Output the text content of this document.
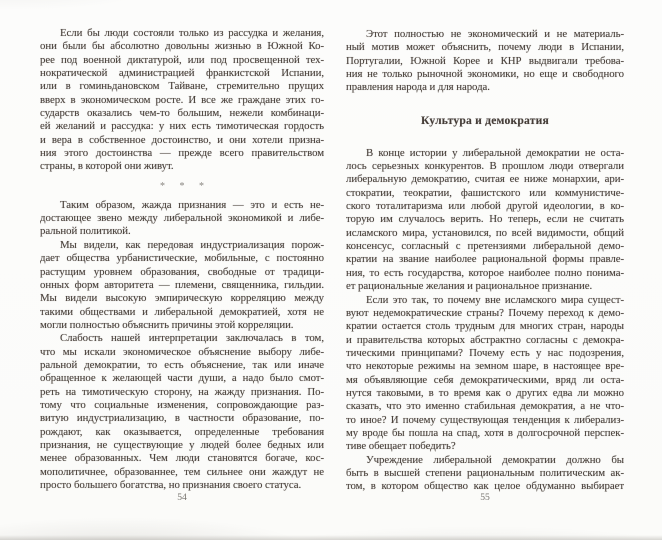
Если бы люди состояли только из рассудка и желания,
они были бы абсолютно довольны жизнью в Южной Ко-
рее под военной диктатурой, или под просвещенной тех-
нократической администрацией франкистской Испании,
или в гоминьдановском Тайване, стремительно прущих
вверх в экономическом росте. И все же граждане этих го-
сударств оказались чем-то большим, нежели комбинаци-
ей желаний и рассудка: у них есть тимотическая гордость
и вера в собственное достоинство, и они хотели призна-
ния этого достоинства — прежде всего правительством
страны, в которой они живут.
* * *
Таким образом, жажда признания — это и есть не-
достающее звено между либеральной экономикой и либе-
ральной политикой.
Мы видели, как передовая индустриализация порож-
дает общества урбанистические, мобильные, с постоянно
растущим уровнем образования, свободные от традици-
онных форм авторитета — племени, священника, гильдии.
Мы видели высокую эмпирическую корреляцию между
такими обществами и либеральной демократией, хотя не
могли полностью объяснить причины этой корреляции.
Слабость нашей интерпретации заключалась в том,
что мы искали экономическое объяснение выбору либе-
ральной демократии, то есть объяснение, так или иначе
обращенное к желающей части души, а надо было смот-
реть на тимотическую сторону, на жажду признания. По-
тому что социальные изменения, сопровождающие раз-
витую индустриализацию, в частности образование, по-
рождают, как оказывается, определенные требования
признания, не существующие у людей более бедных или
менее образованных. Чем люди становятся богаче, кос-
мополитичнее, образованнее, тем сильнее они жаждут не
просто большего богатства, но признания своего статуса.
Этот полностью не экономический и не материаль-
ный мотив может объяснить, почему люди в Испании,
Португалии, Южной Корее и КНР выдвигали требова-
ния не только рыночной экономики, но еще и свободного
правления народа и для народа.
Культура и демократия
В конце истории у либеральной демократии не оста-
лось серьезных конкурентов. В прошлом люди отвергали
либеральную демократию, считая ее ниже монархии, ари-
стократии, теократии, фашистского или коммунистиче-
ского тоталитаризма или любой другой идеологии, в ко-
торую им случалось верить. Но теперь, если не считать
исламского мира, установился, по всей видимости, общий
консенсус, согласный с претензиями либеральной демо-
кратии на звание наиболее рациональной формы правле-
ния, то есть государства, которое наиболее полно понима-
ет рациональные желания и рациональное признание.
Если это так, то почему вне исламского мира сущест-
вуют недемократические страны? Почему переход к демо-
кратии остается столь трудным для многих стран, народы
и правительства которых абстрактно согласны с демокра-
тическими принципами? Почему есть у нас подозрения,
что некоторые режимы на земном шаре, в настоящее вре-
мя объявляющие себя демократическими, вряд ли оста-
нутся таковыми, в то время как о других едва ли можно
сказать, что это именно стабильная демократия, а не что-
то иное? И почему существующая тенденция к либерализ-
му вроде бы пошла на спад, хотя в долгосрочной перспек-
тиве обещает победить?
Учреждение либеральной демократии должно бы
быть в высшей степени рациональным политическим ак-
том, в котором общество как целое обдуманно выбирает
54	55
